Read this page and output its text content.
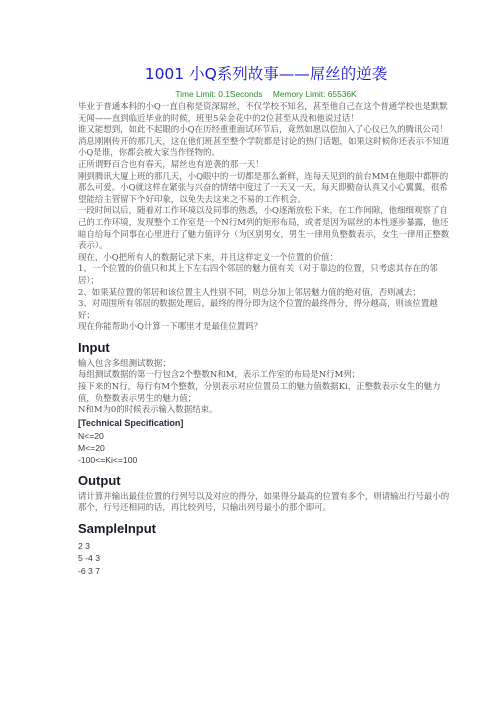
1001 小Q系列故事——屌丝的逆袭
Time Limit: 0.1Seconds Memory Limit: 65536K

毕业于普通本科的小Q一直自称是资深屌丝，不仅学校不知名，甚至他自己在这个普通学校也是默默无闻——直到临近毕业的时候，班里5朵金花中的2位甚至从没和他说过话！

谁又能想到，如此不起眼的小Q在历经重重面试环节后，竟然如愿以偿加入了心仪已久的腾讯公司！消息刚刚传开的那几天，这在他们班甚至整个学院都是讨论的热门话题，如果这时候你还表示不知道小Q是谁，你都会被大家当作怪物的。

正所谓野百合也有春天，屌丝也有逆袭的那一天！

刚到腾讯大厦上班的那几天，小Q眼中的一切都是那么新鲜，连每天见到的前台MM在他眼中都胖的那么可爱。小Q就这样在紧张与兴奋的情绪中度过了一天又一天，每天即勤奋认真又小心翼翼，很希望能给主管留下个好印象，以免失去这来之不易的工作机会。

一段时间以后，随着对工作环境以及同事的熟悉，小Q逐渐放松下来，在工作间隙，他细细观察了自己的工作环境，发现整个工作室是一个N行M列的矩形布局，或者是因为屌丝的本性逐步暴露，他还暗自给每个同事在心里进行了魅力值评分（为区别男女，男生一律用负整数表示，女生一律用正整数表示）。

现在，小Q把所有人的数据记录下来，并且这样定义一个位置的价值：

1、一个位置的价值只和其上下左右四个邻居的魅力值有关（对于靠边的位置，只考虑其存在的邻居）；

2、如果某位置的邻居和该位置主人性别不同，则总分加上邻居魅力值的绝对值，否则减去；

3、对周围所有邻居的数据处理后，最终的得分即为这个位置的最终得分，得分越高，则该位置越好；

现在你能帮助小Q计算一下哪里才是最佳位置吗？

Input

输入包含多组测试数据；

每组测试数据的第一行包含2个整数N和M，表示工作室的布局是N行M列；

接下来的N行，每行有M个整数，分别表示对应位置员工的魅力值数据Ki，正整数表示女生的魅力值，负整数表示男生的魅力值；

N和M为0的时候表示输入数据结束。

[Technical Specification]

N<=20

M<=20

-100<=Ki<=100

Output

请计算并输出最佳位置的行列号以及对应的得分，如果得分最高的位置有多个，则请输出行号最小的那个，行号还相同的话，再比较列号，只输出列号最小的那个即可。

SampleInput

2 3

5 -4 3

-6 3 7
